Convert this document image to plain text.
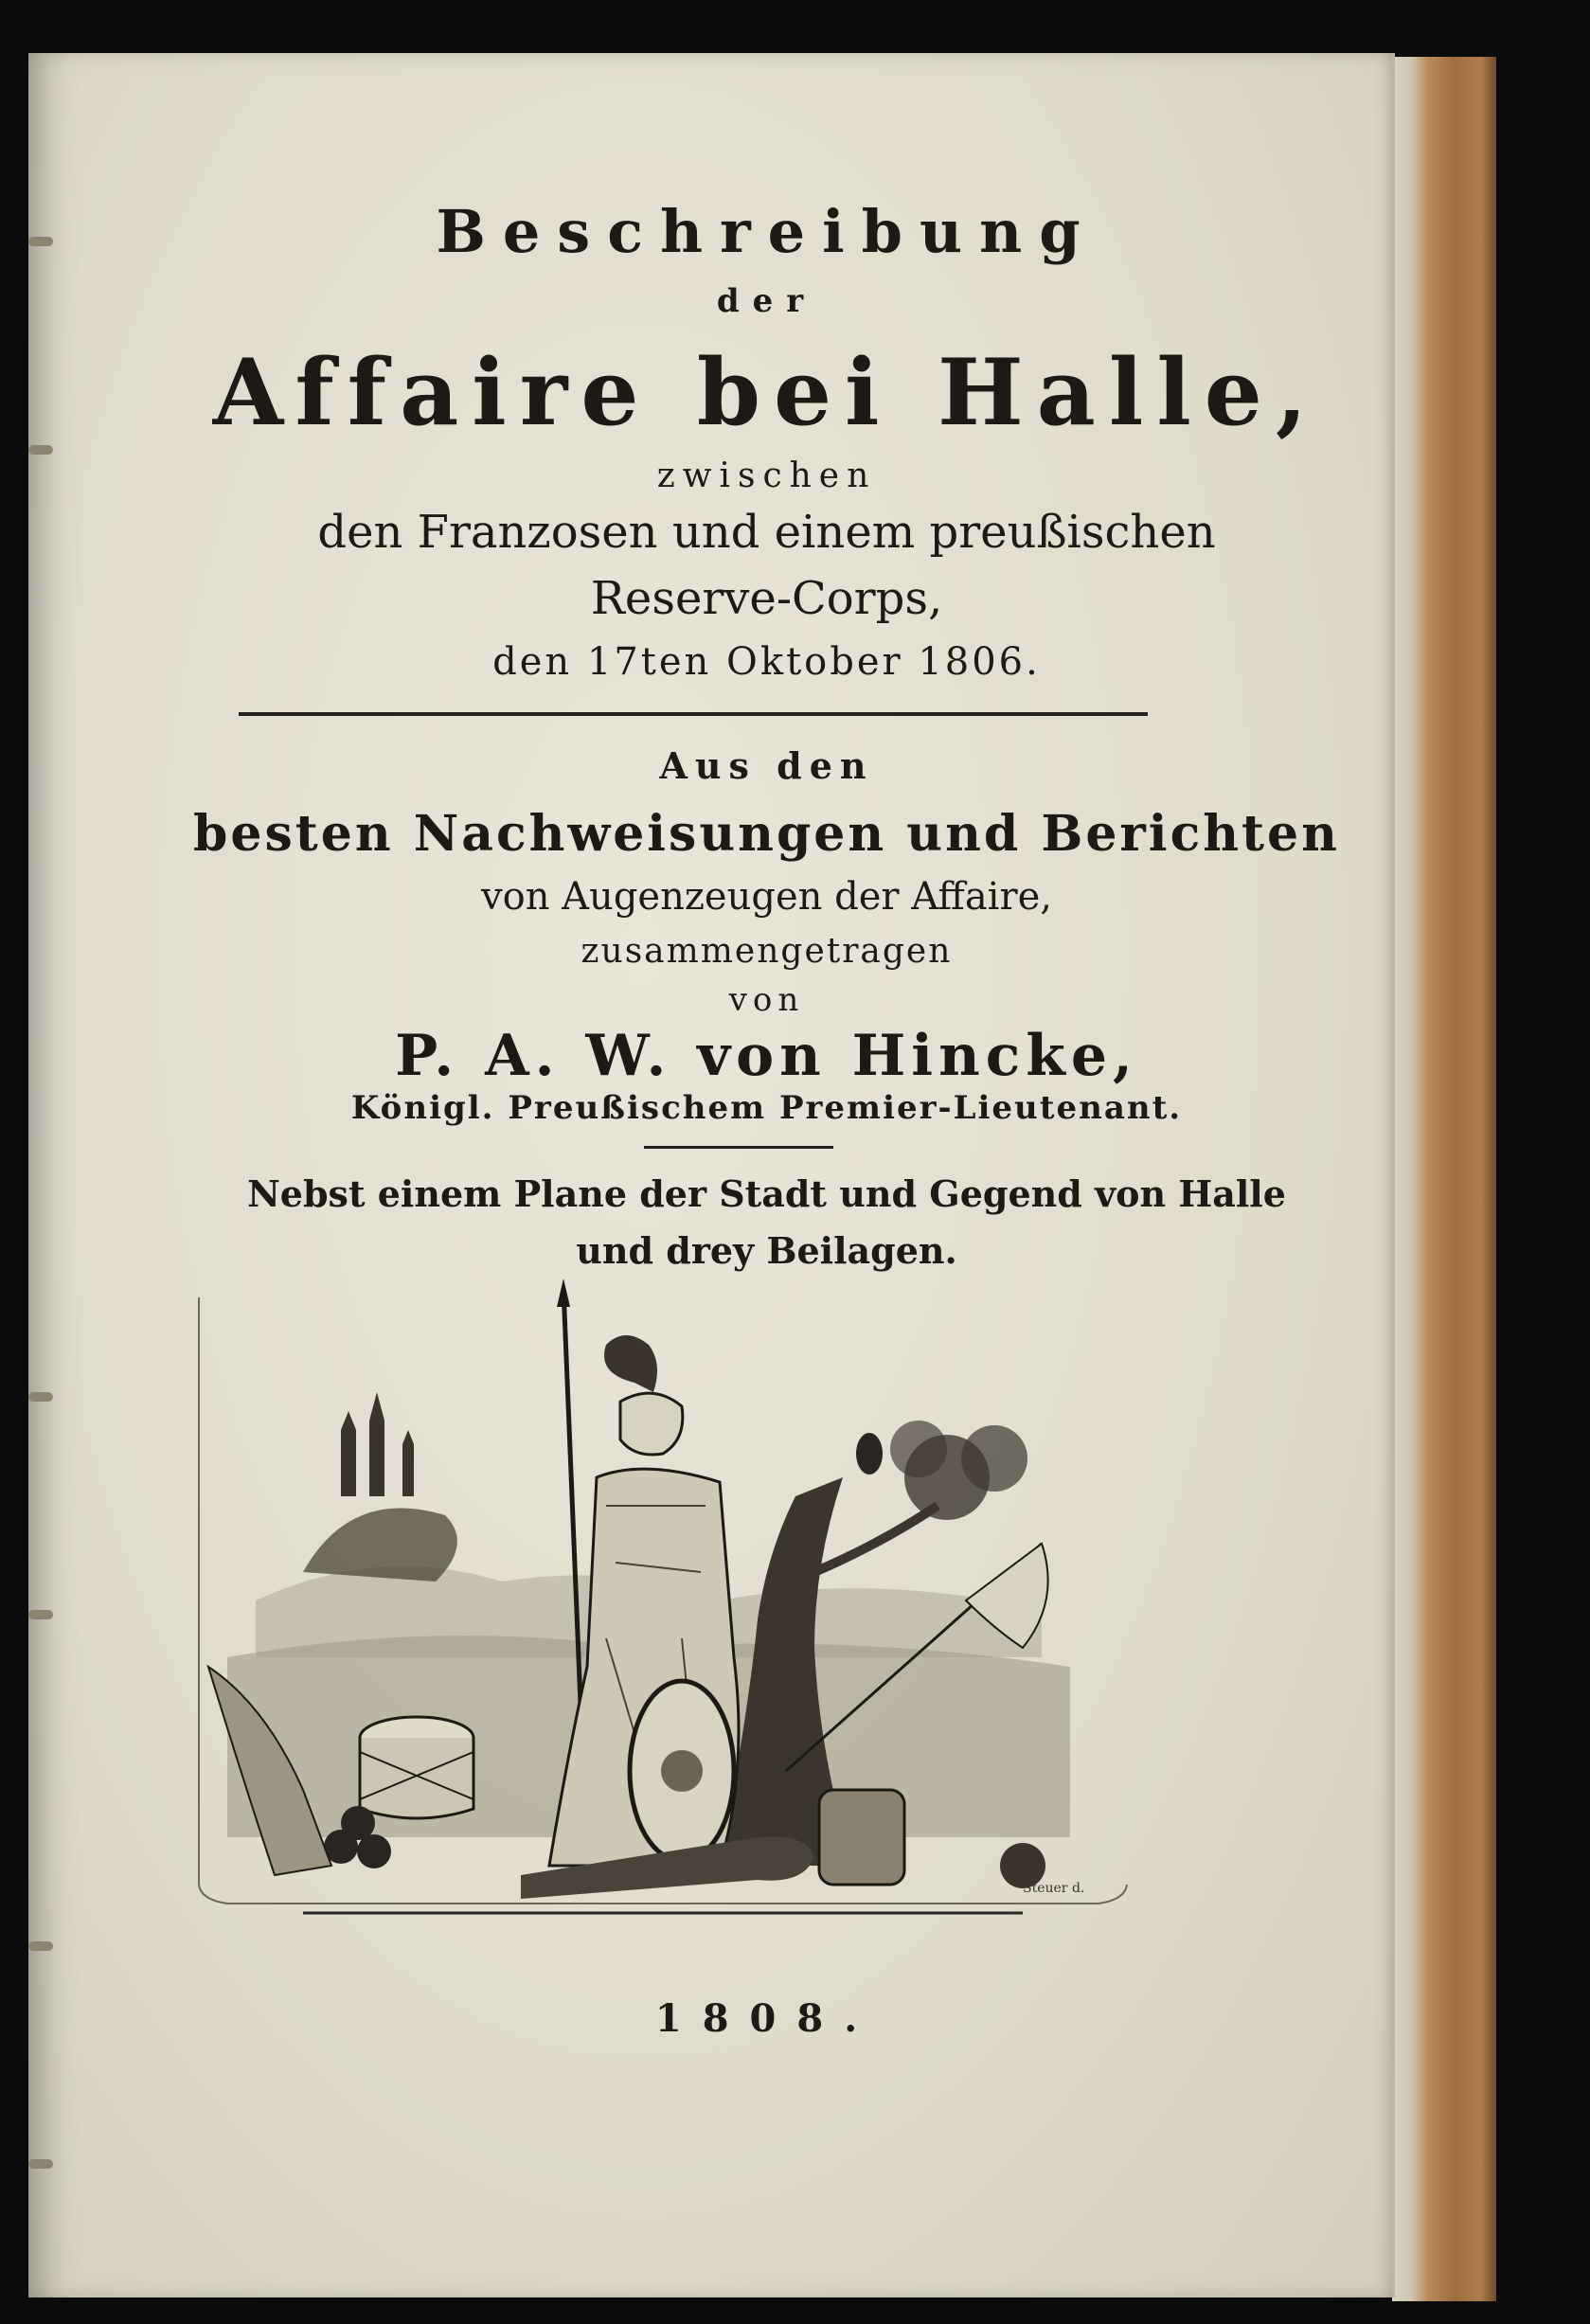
Beschreibung
der
Affaire bei Halle,
zwischen
den Franzosen und einem preußischen
Reserve-Corps,
den 17ten Oktober 1806.
Aus den
besten Nachweisungen und Berichten
von Augenzeugen der Affaire,
zusammengetragen
von
P. A. W. von Hincke,
Königl. Preußischem Premier-Lieutenant.
Nebst einem Plane der Stadt und Gegend von Halle
und drey Beilagen.
Steuer d.
1808.
